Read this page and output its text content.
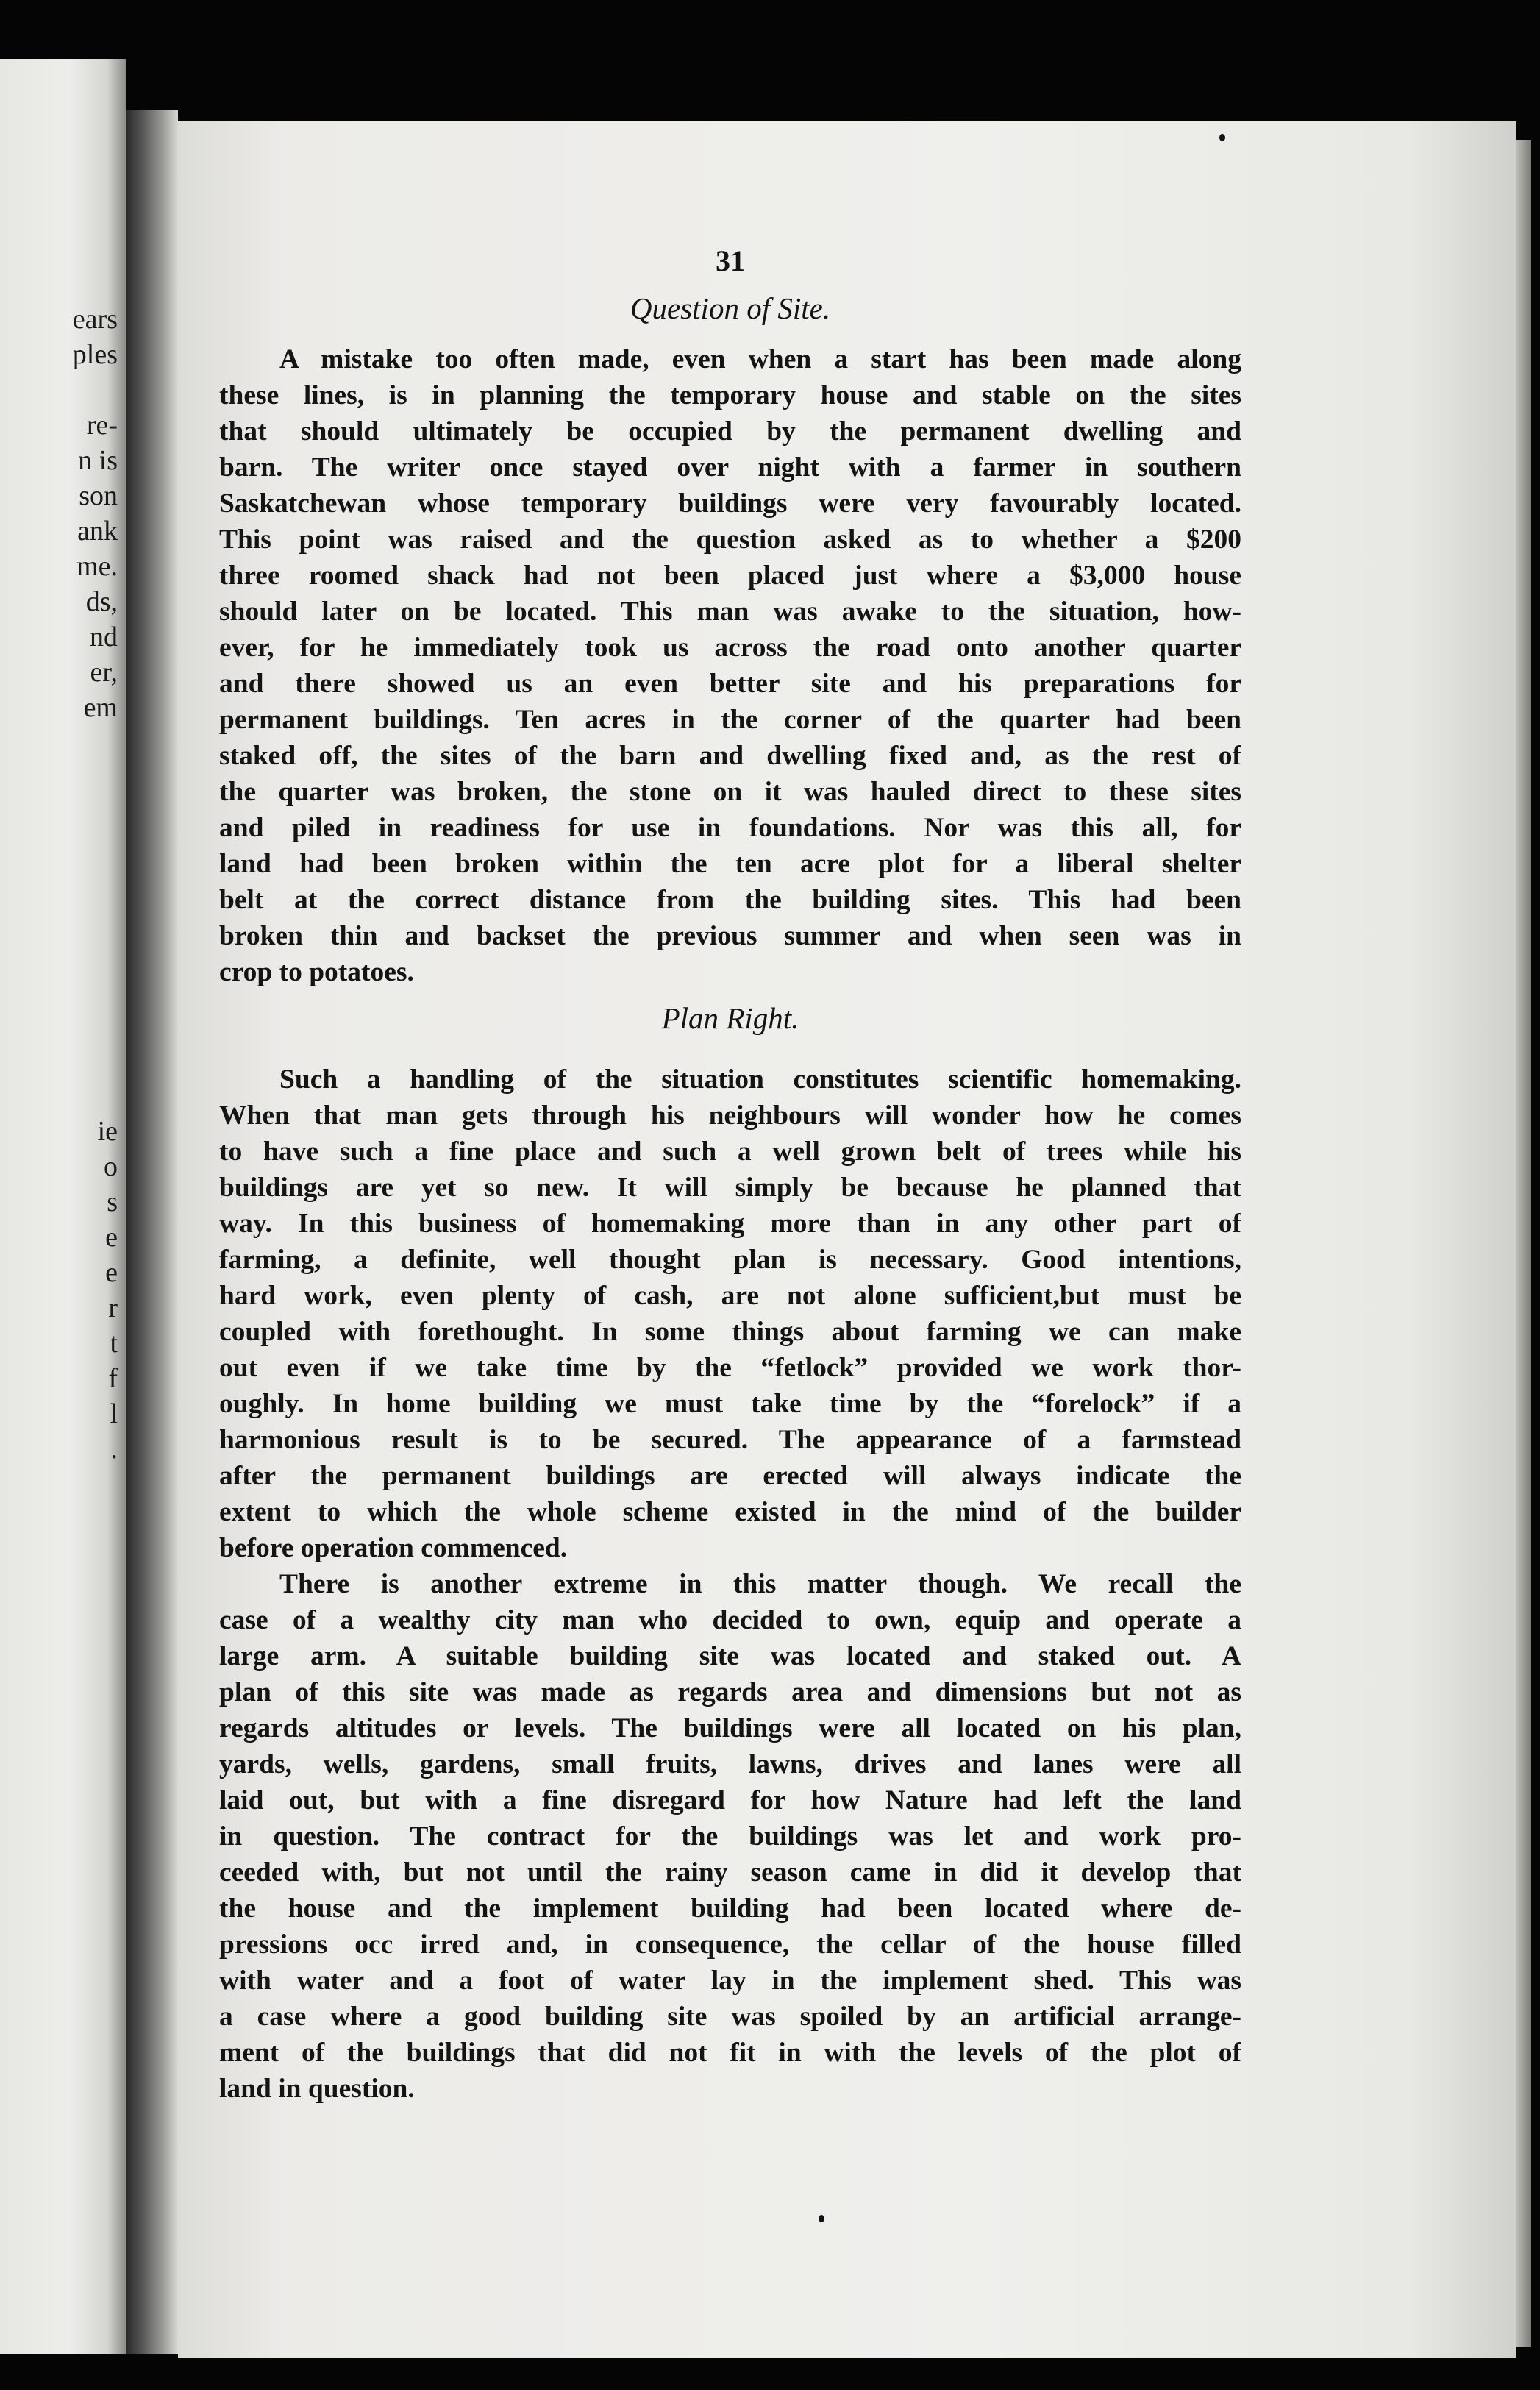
ears
ples
re-
n is
son
ank
me.
ds,
nd
er,
em
ie
o
s
e
e
r
t
f
l
.
31
Question of Site.
A mistake too often made, even when a start has been made along
these lines, is in planning the temporary house and stable on the sites
that should ultimately be occupied by the permanent dwelling and
barn. The writer once stayed over night with a farmer in southern
Saskatchewan whose temporary buildings were very favourably located.
This point was raised and the question asked as to whether a $200
three roomed shack had not been placed just where a $3,000 house
should later on be located. This man was awake to the situation, how-
ever, for he immediately took us across the road onto another quarter
and there showed us an even better site and his preparations for
permanent buildings. Ten acres in the corner of the quarter had been
staked off, the sites of the barn and dwelling fixed and, as the rest of
the quarter was broken, the stone on it was hauled direct to these sites
and piled in readiness for use in foundations. Nor was this all, for
land had been broken within the ten acre plot for a liberal shelter
belt at the correct distance from the building sites. This had been
broken thin and backset the previous summer and when seen was in
crop to potatoes.
Plan Right.
Such a handling of the situation constitutes scientific homemaking.
When that man gets through his neighbours will wonder how he comes
to have such a fine place and such a well grown belt of trees while his
buildings are yet so new. It will simply be because he planned that
way. In this business of homemaking more than in any other part of
farming, a definite, well thought plan is necessary. Good intentions,
hard work, even plenty of cash, are not alone sufficient,but must be
coupled with forethought. In some things about farming we can make
out even if we take time by the “fetlock” provided we work thor-
oughly. In home building we must take time by the “forelock” if a
harmonious result is to be secured. The appearance of a farmstead
after the permanent buildings are erected will always indicate the
extent to which the whole scheme existed in the mind of the builder
before operation commenced.
There is another extreme in this matter though. We recall the
case of a wealthy city man who decided to own, equip and operate a
large arm. A suitable building site was located and staked out. A
plan of this site was made as regards area and dimensions but not as
regards altitudes or levels. The buildings were all located on his plan,
yards, wells, gardens, small fruits, lawns, drives and lanes were all
laid out, but with a fine disregard for how Nature had left the land
in question. The contract for the buildings was let and work pro-
ceeded with, but not until the rainy season came in did it develop that
the house and the implement building had been located where de-
pressions occ irred and, in consequence, the cellar of the house filled
with water and a foot of water lay in the implement shed. This was
a case where a good building site was spoiled by an artificial arrange-
ment of the buildings that did not fit in with the levels of the plot of
land in question.
